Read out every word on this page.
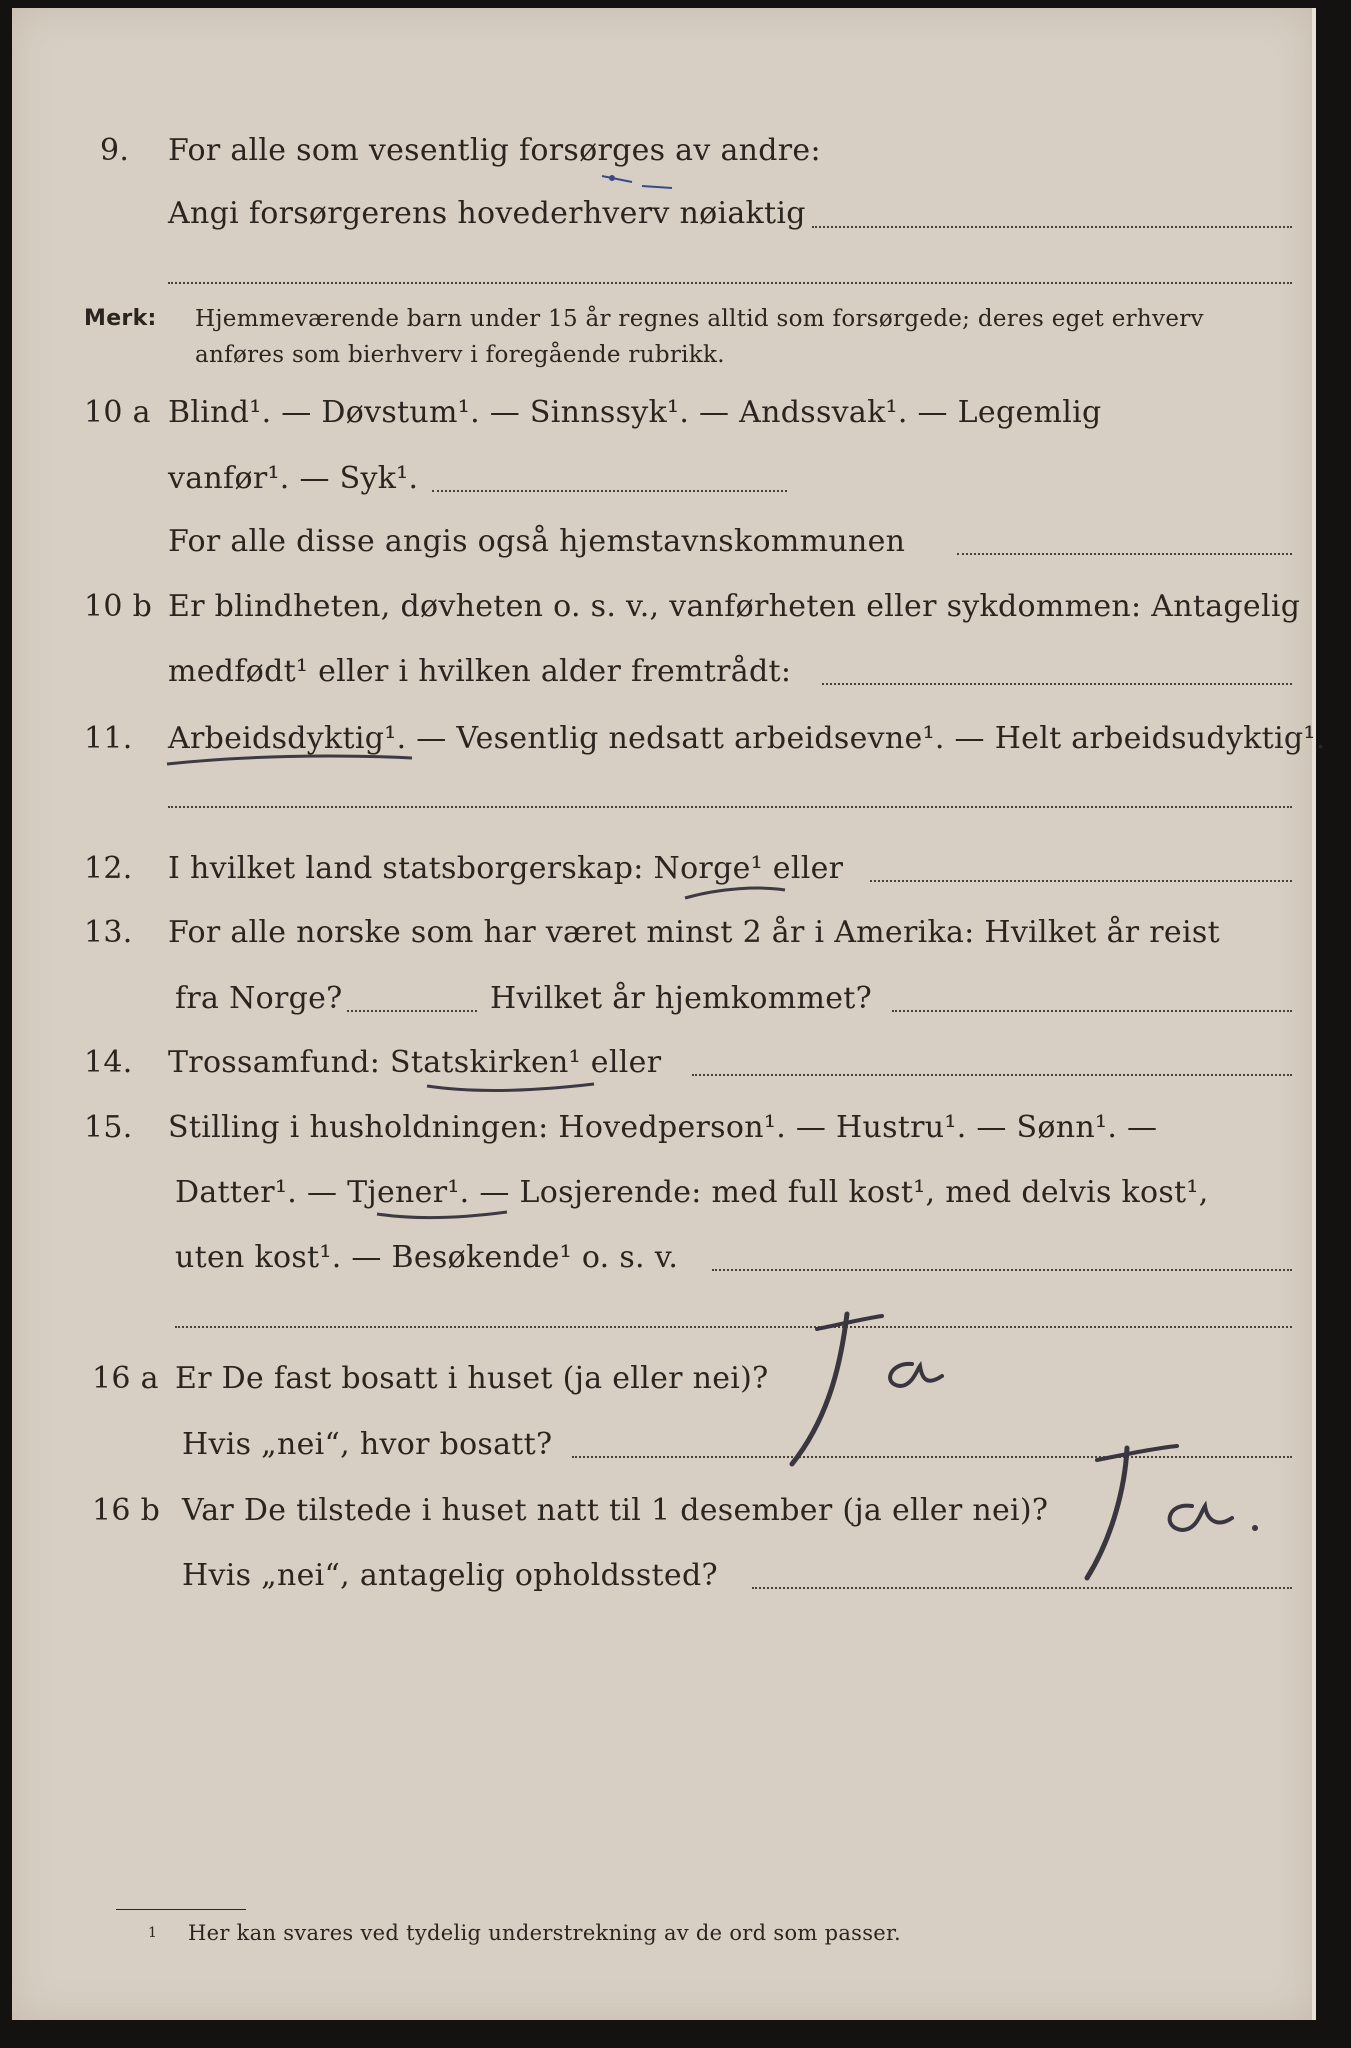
9.	For alle som vesentlig forsørges av andre:
Angi forsørgerens hovederhverv nøiaktig
Merk: Hjemmeværende barn under 15 år regnes alltid som forsørgede; deres eget erhverv
anføres som bierhverv i foregående rubrikk.
10 a Blind¹. — Døvstum¹. — Sinnssyk¹. — Andssvak¹. — Legemlig
vanfør¹. — Syk¹.
For alle disse angis også hjemstavnskommunen
10 b Er blindheten, døvheten o. s. v., vanførheten eller sykdommen: Antagelig
medfødt¹ eller i hvilken alder fremtrådt:
11.	Arbeidsdyktig¹. — Vesentlig nedsatt arbeidsevne¹. — Helt arbeidsudyktig¹.
12.	I hvilket land statsborgerskap: Norge¹ eller
13.	For alle norske som har været minst 2 år i Amerika: Hvilket år reist
fra Norge?	Hvilket år hjemkommet?
14.	Trossamfund: Statskirken¹ eller
15.	Stilling i husholdningen: Hovedperson¹. — Hustru¹. — Sønn¹. —
Datter¹. — Tjener¹. — Losjerende: med full kost¹, med delvis kost¹,
uten kost¹. — Besøkende¹ o. s. v.
16 a Er De fast bosatt i huset (ja eller nei)?
Hvis „nei“, hvor bosatt?
16 b Var De tilstede i huset natt til 1 desember (ja eller nei)?
Hvis „nei“, antagelig opholdssted?
1 Her kan svares ved tydelig understrekning av de ord som passer.
